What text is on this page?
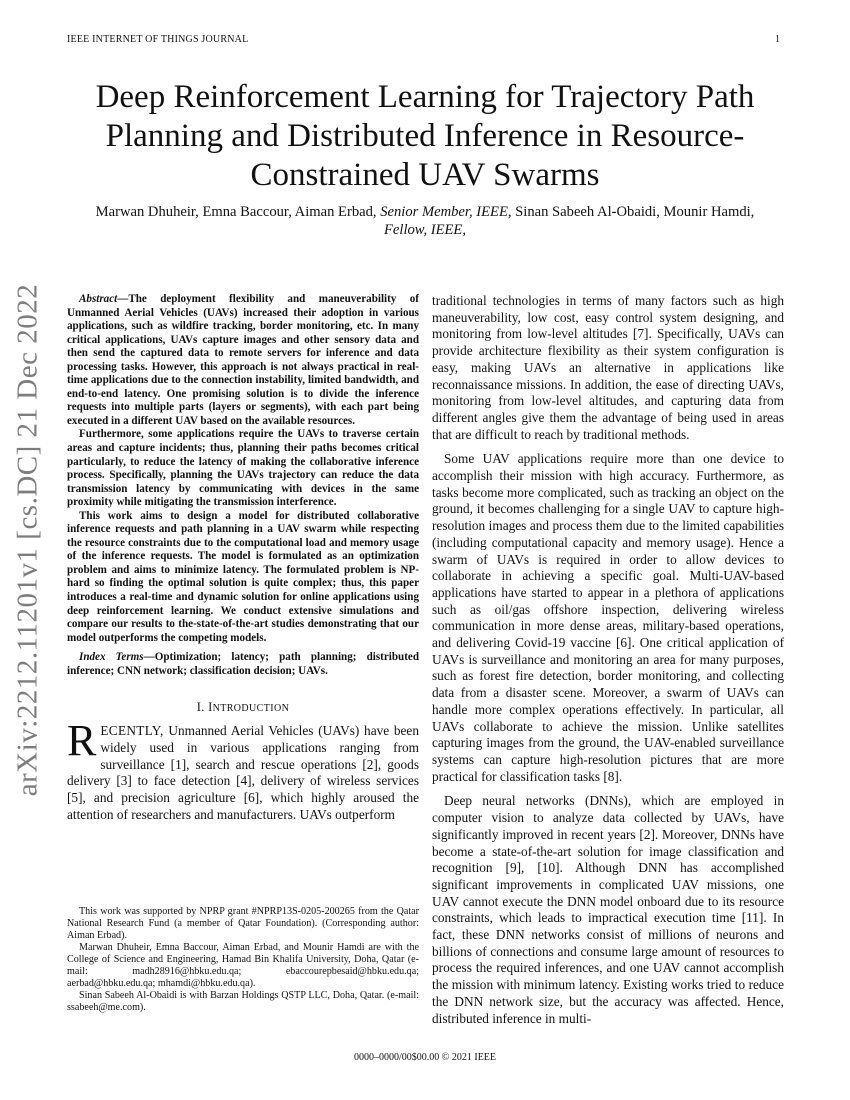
IEEE INTERNET OF THINGS JOURNAL	1
Deep Reinforcement Learning for Trajectory Path Planning and Distributed Inference in Resource-Constrained UAV Swarms
Marwan Dhuheir, Emna Baccour, Aiman Erbad, Senior Member, IEEE, Sinan Sabeeh Al-Obaidi, Mounir Hamdi, Fellow, IEEE,
arXiv:2212.11201v1 [cs.DC] 21 Dec 2022	Abstract—The deployment flexibility and maneuverability of Unmanned Aerial Vehicles (UAVs) increased their adoption in various applications, such as wildfire tracking, border monitoring, etc. In many critical applications, UAVs capture images and other sensory data and then send the captured data to remote servers for inference and data processing tasks. However, this approach is not always practical in real-time applications due to the connection instability, limited bandwidth, and end-to-end latency. One promising solution is to divide the inference requests into multiple parts (layers or segments), with each part being executed in a different UAV based on the available resources.

Furthermore, some applications require the UAVs to traverse certain areas and capture incidents; thus, planning their paths becomes critical particularly, to reduce the latency of making the collaborative inference process. Specifically, planning the UAVs trajectory can reduce the data transmission latency by communicating with devices in the same proximity while mitigating the transmission interference.

This work aims to design a model for distributed collaborative inference requests and path planning in a UAV swarm while respecting the resource constraints due to the computational load and memory usage of the inference requests. The model is formulated as an optimization problem and aims to minimize latency. The formulated problem is NP-hard so finding the optimal solution is quite complex; thus, this paper introduces a real-time and dynamic solution for online applications using deep reinforcement learning. We conduct extensive simulations and compare our results to the-state-of-the-art studies demonstrating that our model outperforms the competing models.

Index Terms—Optimization; latency; path planning; distributed inference; CNN network; classification decision; UAVs.
I. INTRODUCTION

RECENTLY, Unmanned Aerial Vehicles (UAVs) have been widely used in various applications ranging from surveillance [1], search and rescue operations [2], goods delivery [3] to face detection [4], delivery of wireless services [5], and precision agriculture [6], which highly aroused the attention of researchers and manufacturers. UAVs outperform

This work was supported by NPRP grant #NPRP13S-0205-200265 from the Qatar National Research Fund (a member of Qatar Foundation). (Corresponding author: Aiman Erbad).

Marwan Dhuheir, Emna Baccour, Aiman Erbad, and Mounir Hamdi are with the College of Science and Engineering, Hamad Bin Khalifa University, Doha, Qatar (e-mail: madh28916@hbku.edu.qa; ebaccourepbesaid@hbku.edu.qa; aerbad@hbku.edu.qa; mhamdi@hbku.edu.qa).

Sinan Sabeeh Al-Obaidi is with Barzan Holdings QSTP LLC, Doha, Qatar. (e-mail: ssabeeh@me.com).

traditional technologies in terms of many factors such as high maneuverability, low cost, easy control system designing, and monitoring from low-level altitudes [7]. Specifically, UAVs can provide architecture flexibility as their system configuration is easy, making UAVs an alternative in applications like reconnaissance missions. In addition, the ease of directing UAVs, monitoring from low-level altitudes, and capturing data from different angles give them the advantage of being used in areas that are difficult to reach by traditional methods.

Some UAV applications require more than one device to accomplish their mission with high accuracy. Furthermore, as tasks become more complicated, such as tracking an object on the ground, it becomes challenging for a single UAV to capture high-resolution images and process them due to the limited capabilities (including computational capacity and memory usage). Hence a swarm of UAVs is required in order to allow devices to collaborate in achieving a specific goal. Multi-UAV-based applications have started to appear in a plethora of applications such as oil/gas offshore inspection, delivering wireless communication in more dense areas, military-based operations, and delivering Covid-19 vaccine [6]. One critical application of UAVs is surveillance and monitoring an area for many purposes, such as forest fire detection, border monitoring, and collecting data from a disaster scene. Moreover, a swarm of UAVs can handle more complex operations effectively. In particular, all UAVs collaborate to achieve the mission. Unlike satellites capturing images from the ground, the UAV-enabled surveillance systems can capture high-resolution pictures that are more practical for classification tasks [8].

Deep neural networks (DNNs), which are employed in computer vision to analyze data collected by UAVs, have significantly improved in recent years [2]. Moreover, DNNs have become a state-of-the-art solution for image classification and recognition [9], [10]. Although DNN has accomplished significant improvements in complicated UAV missions, one UAV cannot execute the DNN model onboard due to its resource constraints, which leads to impractical execution time [11]. In fact, these DNN networks consist of millions of neurons and billions of connections and consume large amount of resources to process the required inferences, and one UAV cannot accomplish the mission with minimum latency. Existing works tried to reduce the DNN network size, but the accuracy was affected. Hence, distributed inference in multi-

0000–0000/00$00.00 © 2021 IEEE
